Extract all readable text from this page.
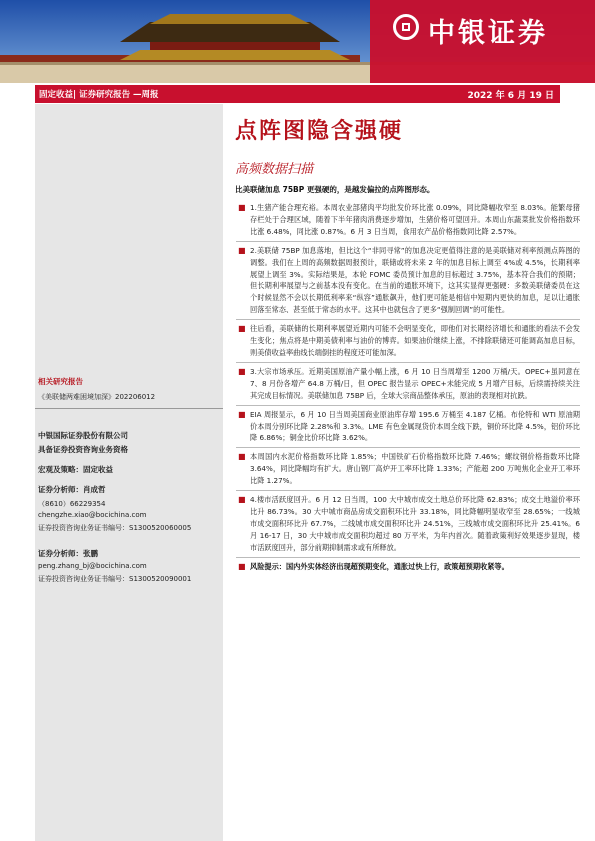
中银证券
固定收益| 证券研究报告 —周报	2022 年 6 月 19 日
相关研究报告
《美联储两难困境加深》202206012
中银国际证券股份有限公司
具备证券投资咨询业务资格
宏观及策略：固定收益
证券分析师：肖成哲
（8610）66229354
chengzhe.xiao@bocichina.com
证券投资咨询业务证书编号：S1300520060005
证券分析师：张鹏
peng.zhang_bj@bocichina.com
证券投资咨询业务证书编号：S1300520090001
点阵图隐含强硬
高频数据扫描
比美联储加息 75BP 更强硬的，是越发偏拉的点阵图形态。
■ 1.生猪产能合理充裕。本周农业部猪肉平均批发价环比涨 0.09%，同比降幅收窄至 8.03%。能繁母猪存栏处于合理区域，随着下半年猪肉消费逐步增加，生猪价格可望回升。本周山东蔬菜批发价格指数环比涨 6.48%，同比涨 0.87%。6 月 3 日当周，食用农产品价格指数同比降 2.57%。
■ 2.美联储 75BP 加息落地，但比这个“非同寻常”的加息决定更值得注意的是美联储对利率预测点阵图的调整。我们在上周的高频数据周报预计，联储或将未来 2 年的加息目标上调至 4%或 4.5%，长期利率展望上调至 3%。实际结果是，本轮 FOMC 委员预计加息的目标超过 3.75%，基本符合我们的预期；但长期利率展望与之前基本没有变化。在当前的通胀环境下，这其实显得更强硬：多数美联储委员在这个时候显然不会以长期低利率来“纵容”通胀飙升，他们更可能是相信中短期内更快的加息，足以让通胀回落至常态、甚至低于常态的水平。这其中也就包含了更多“强制回调”的可能性。
■ 往后看，美联储的长期利率展望近期内可能不会明显变化，即他们对长期经济增长和通胀的看法不会发生变化；焦点将是中期美债利率与油价的博弈。如果油价继续上涨，不排除联储还可能调高加息目标，则美债收益率曲线长端倒挂的程度还可能加深。
■ 3.大宗市场承压。近期美国原油产量小幅上涨，6 月 10 日当周增至 1200 万桶/天。OPEC+虽同意在 7、8 月份各增产 64.8 万桶/日，但 OPEC 报告显示 OPEC+未能完成 5 月增产目标，后续需持续关注其完成目标情况。美联储加息 75BP 后，全球大宗商品整体承压，原油的表现相对抗跌。
■ EIA 周报显示，6 月 10 日当周美国商业原油库存增 195.6 万桶至 4.187 亿桶。布伦特和 WTI 原油期价本周分别环比降 2.28%和 3.3%。LME 有色金属现货价本周全线下跌，铜价环比降 4.5%，铝价环比降 6.86%；铜金比价环比降 3.62%。
■ 本周国内水泥价格指数环比降 1.85%；中国铁矿石价格指数环比降 7.46%；螺纹钢价格指数环比降 3.64%，同比降幅均有扩大。唐山钢厂高炉开工率环比降 1.33%；产能超 200 万吨焦化企业开工率环比降 1.27%。
■ 4.楼市活跃度回升。6 月 12 日当周，100 大中城市成交土地总价环比降 62.83%；成交土地溢价率环比升 86.73%。30 大中城市商品房成交面积环比升 33.18%，同比降幅明显收窄至 28.65%；一线城市成交面积环比升 67.7%，二线城市成交面积环比升 24.51%，三线城市成交面积环比升 25.41%。6 月 16-17 日，30 大中城市成交面积均超过 80 万平米，为年内首次。随着政策利好效果逐步显现，楼市活跃度回升，部分前期抑制需求或有所释放。
■ 风险提示：国内外实体经济出现超预期变化，通胀过快上行，政策超预期收紧等。
